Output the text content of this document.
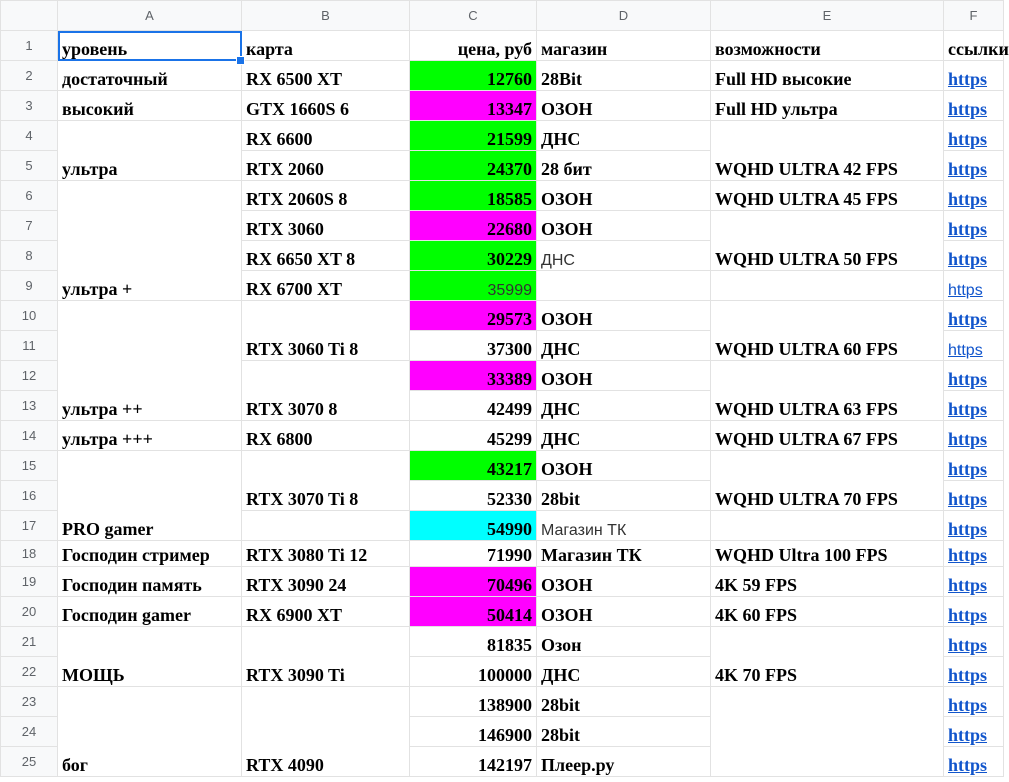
	A	B	C	D	E	F
1	уровень	карта	цена, руб	магазин	возможности	ссылки
2	достаточный	RX 6500 XT	12760	28Bit	Full HD высокие	https
3	высокий	GTX 1660S 6	13347	ОЗОН	Full HD ультра	https
4	ультра	RX 6600	21599	ДНС	WQHD ULTRA 42 FPS	https
5		RTX 2060	24370	28 бит		https
6	ультра +	RTX 2060S 8	18585	ОЗОН	WQHD ULTRA 45 FPS	https
7		RTX 3060	22680	ОЗОН	WQHD ULTRA 50 FPS	https
8		RX 6650 XT 8	30229	ДНС		https
9		RX 6700 XT	35999			https
10	ультра ++	RTX 3060 Ti 8	29573	ОЗОН	WQHD ULTRA 60 FPS	https
11			37300	ДНС		https
12		RTX 3070 8	33389	ОЗОН	WQHD ULTRA 63 FPS	https
13			42499	ДНС		https
14	ультра +++	RX 6800	45299	ДНС	WQHD ULTRA 67 FPS	https
15	PRO gamer	RTX 3070 Ti 8	43217	ОЗОН	WQHD ULTRA 70 FPS	https
16			52330	28bit		https
17			54990	Магазин ТК		https
18	Господин стример	RTX 3080 Ti 12	71990	Магазин ТК	WQHD Ultra 100 FPS	https
19	Господин память	RTX 3090 24	70496	ОЗОН	4K 59 FPS	https
20	Господин gamer	RX 6900 XT	50414	ОЗОН	4K 60 FPS	https
21	МОЩЬ	RTX 3090 Ti	81835	Озон	4K 70 FPS	https
22			100000	ДНС		https
23	бог	RTX 4090	138900	28bit		https
24			146900	28bit		https
25			142197	Плеер.ру		https
